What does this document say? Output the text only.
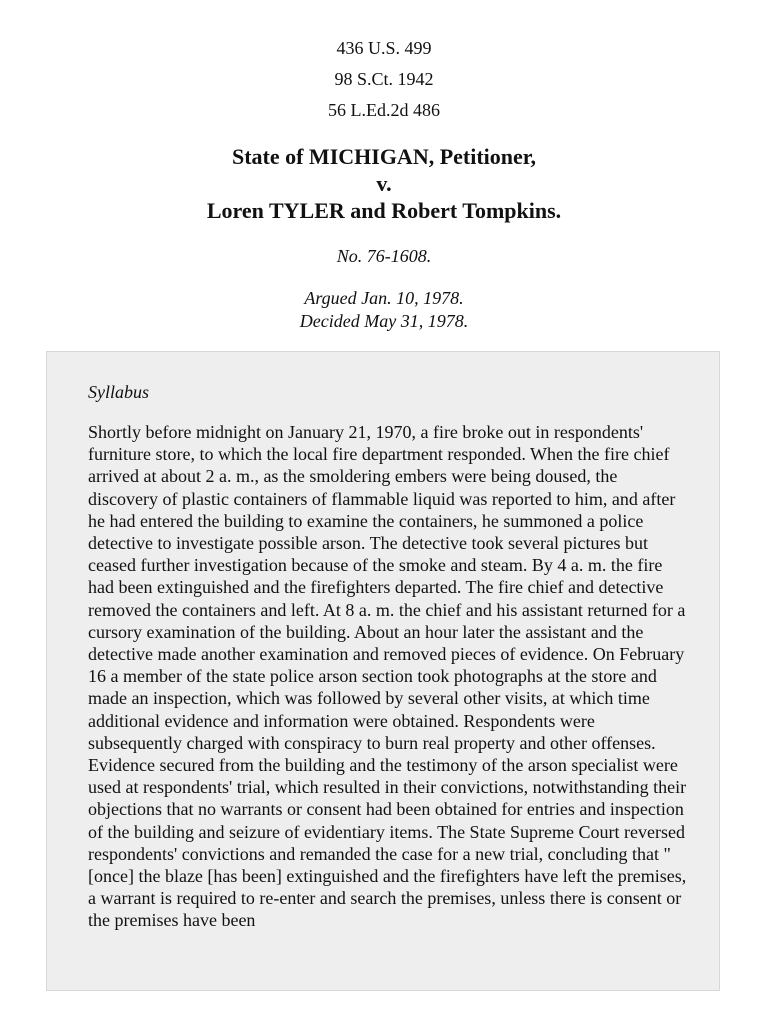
436 U.S. 499
98 S.Ct. 1942
56 L.Ed.2d 486
State of MICHIGAN, Petitioner,
v.
Loren TYLER and Robert Tompkins.
No. 76-1608.
Argued Jan. 10, 1978.
Decided May 31, 1978.
Syllabus

Shortly before midnight on January 21, 1970, a fire broke out in respondents' furniture store, to which the local fire department responded. When the fire chief arrived at about 2 a. m., as the smoldering embers were being doused, the discovery of plastic containers of flammable liquid was reported to him, and after he had entered the building to examine the containers, he summoned a police detective to investigate possible arson. The detective took several pictures but ceased further investigation because of the smoke and steam. By 4 a. m. the fire had been extinguished and the firefighters departed. The fire chief and detective removed the containers and left. At 8 a. m. the chief and his assistant returned for a cursory examination of the building. About an hour later the assistant and the detective made another examination and removed pieces of evidence. On February 16 a member of the state police arson section took photographs at the store and made an inspection, which was followed by several other visits, at which time additional evidence and information were obtained. Respondents were subsequently charged with conspiracy to burn real property and other offenses. Evidence secured from the building and the testimony of the arson specialist were used at respondents' trial, which resulted in their convictions, notwithstanding their objections that no warrants or consent had been obtained for entries and inspection of the building and seizure of evidentiary items. The State Supreme Court reversed respondents' convictions and remanded the case for a new trial, concluding that "[once] the blaze [has been] extinguished and the firefighters have left the premises, a warrant is required to re-enter and search the premises, unless there is consent or the premises have been
